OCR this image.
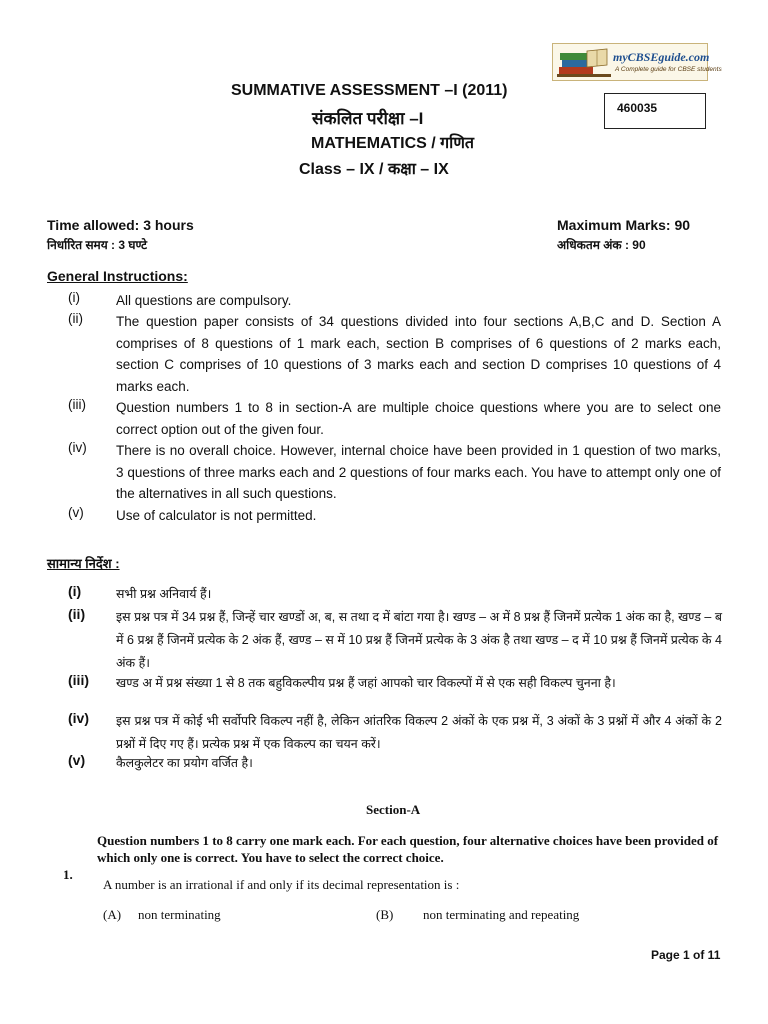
myCBSEguide.com
A Complete guide for CBSE students
460035
SUMMATIVE ASSESSMENT –I (2011)
संकलित परीक्षा –I
MATHEMATICS / गणित
Class – IX / कक्षा – IX
Time allowed: 3 hours
निर्धारित समय : 3 घण्टे
Maximum Marks: 90
अधिकतम अंक : 90
General Instructions:
(i)	All questions are compulsory.
(ii) The question paper consists of 34 questions divided into four sections A,B,C and D. Section A comprises of 8 questions of 1 mark each, section B comprises of 6 questions of 2 marks each, section C comprises of 10 questions of 3 marks each and section D comprises 10 questions of 4 marks each.
(iii) Question numbers 1 to 8 in section-A are multiple choice questions where you are to select one correct option out of the given four.
(iv) There is no overall choice. However, internal choice have been provided in 1 question of two marks, 3 questions of three marks each and 2 questions of four marks each. You have to attempt only one of the alternatives in all such questions.
(v) Use of calculator is not permitted.
सामान्य निर्देश :
(i)	सभी प्रश्न अनिवार्य हैं।
(ii) इस प्रश्न पत्र में 34 प्रश्न हैं, जिन्हें चार खण्डों अ, ब, स तथा द में बांटा गया है। खण्ड – अ में 8 प्रश्न हैं जिनमें प्रत्येक 1 अंक का है, खण्ड – ब में 6 प्रश्न हैं जिनमें प्रत्येक के 2 अंक हैं, खण्ड – स में 10 प्रश्न हैं जिनमें प्रत्येक के 3 अंक है तथा खण्ड – द में 10 प्रश्न हैं जिनमें प्रत्येक के 4 अंक हैं।
(iii) खण्ड अ में प्रश्न संख्या 1 से 8 तक बहुविकल्पीय प्रश्न हैं जहां आपको चार विकल्पों में से एक सही विकल्प चुनना है।
(iv) इस प्रश्न पत्र में कोई भी सर्वोपरि विकल्प नहीं है, लेकिन आंतरिक विकल्प 2 अंकों के एक प्रश्न में, 3 अंकों के 3 प्रश्नों में और 4 अंकों के 2 प्रश्नों में दिए गए हैं। प्रत्येक प्रश्न में एक विकल्प का चयन करें।
(v) कैलकुलेटर का प्रयोग वर्जित है।
Section-A
Question numbers 1 to 8 carry one mark each. For each question, four alternative choices have been provided of which only one is correct. You have to select the correct choice.
1.
A number is an irrational if and only if its decimal representation is :
(A) non terminating	(B) non terminating and repeating
Page 1 of 11
